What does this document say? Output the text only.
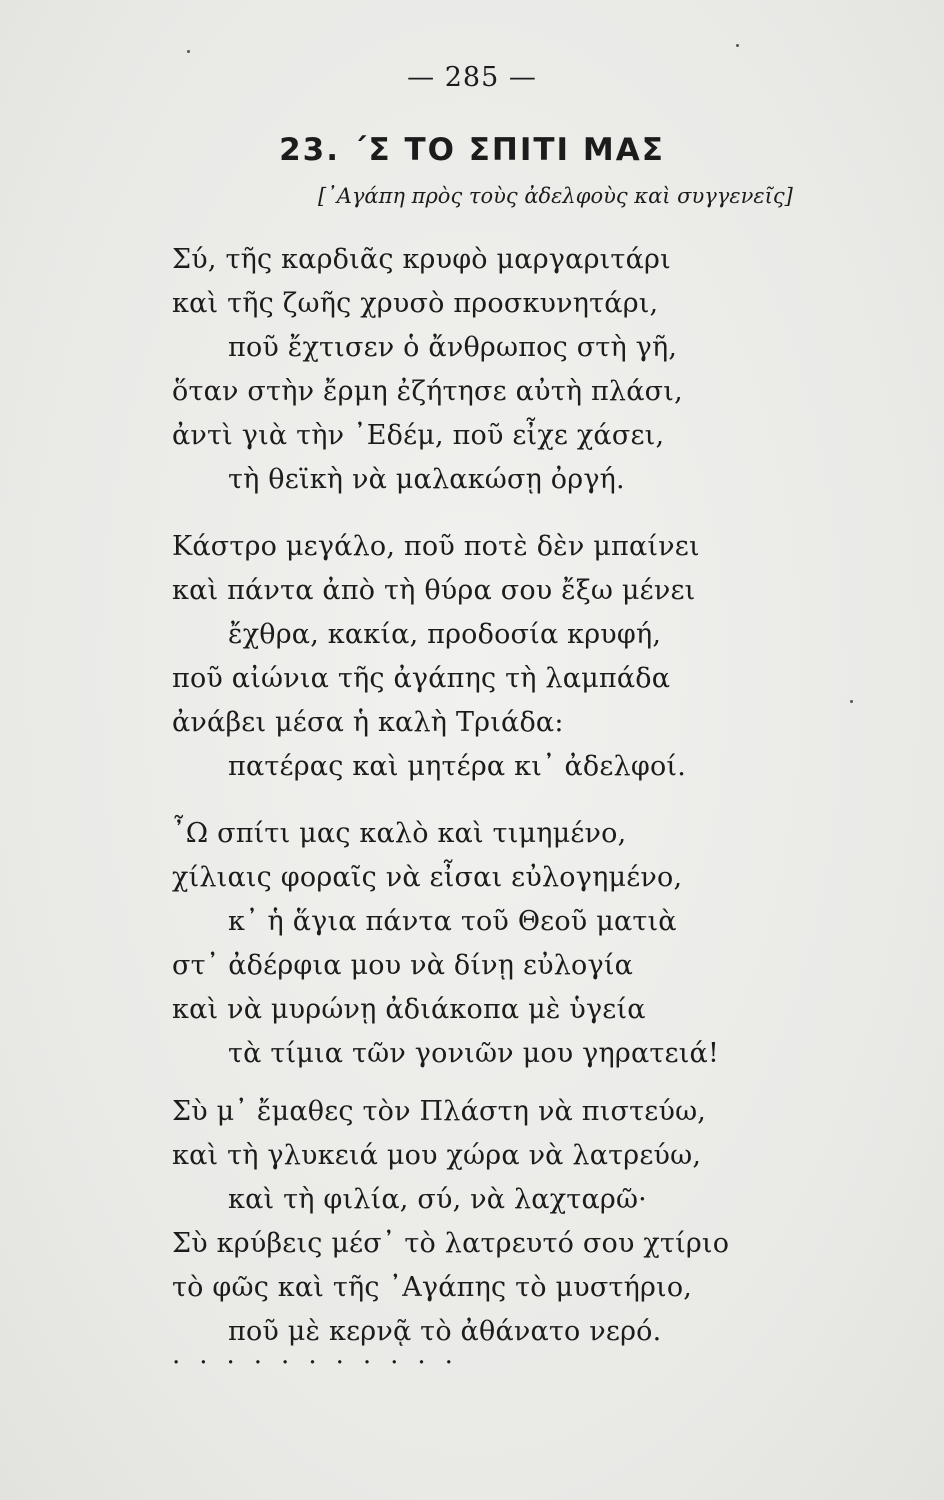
— 285 —
23. ΄Σ ΤΟ ΣΠΙΤΙ ΜΑΣ
[᾿Αγάπη πρὸς τοὺς ἀδελφοὺς καὶ συγγενεῖς]
Σύ, τῆς καρδιᾶς κρυφὸ μαργαριτάρι
καὶ τῆς ζωῆς χρυσὸ προσκυνητάρι,
ποῦ ἔχτισεν ὁ ἄνθρωπος στὴ γῆ,
ὅταν στὴν ἔρμη ἐζήτησε αὐτὴ πλάσι,
ἀντὶ γιὰ τὴν ᾿Εδέμ, ποῦ εἶχε χάσει,
τὴ θεϊκὴ νὰ μαλακώσῃ ὀργή.
Κάστρο μεγάλο, ποῦ ποτὲ δὲν μπαίνει
καὶ πάντα ἀπὸ τὴ θύρα σου ἔξω μένει
ἔχθρα, κακία, προδοσία κρυφή,
ποῦ αἰώνια τῆς ἀγάπης τὴ λαμπάδα
ἀνάβει μέσα ἡ καλὴ Τριάδα:
πατέρας καὶ μητέρα κι᾿ ἀδελφοί.
῏Ω σπίτι μας καλὸ καὶ τιμημένο,
χίλιαις φοραῖς νὰ εἶσαι εὐλογημένο,
κ᾿ ἡ ἅγια πάντα τοῦ Θεοῦ ματιὰ
στ᾿ ἀδέρφια μου νὰ δίνῃ εὐλογία
καὶ νὰ μυρώνῃ ἀδιάκοπα μὲ ὑγεία
τὰ τίμια τῶν γονιῶν μου γηρατειά!
Σὺ μ᾿ ἔμαθες τὸν Πλάστη νὰ πιστεύω,
καὶ τὴ γλυκειά μου χώρα νὰ λατρεύω,
καὶ τὴ φιλία, σύ, νὰ λαχταρῶ·
Σὺ κρύβεις μέσ᾿ τὸ λατρευτό σου χτίριο
τὸ φῶς καὶ τῆς ᾿Αγάπης τὸ μυστήριο,
ποῦ μὲ κερνᾷ τὸ ἀθάνατο νερό.
...........
